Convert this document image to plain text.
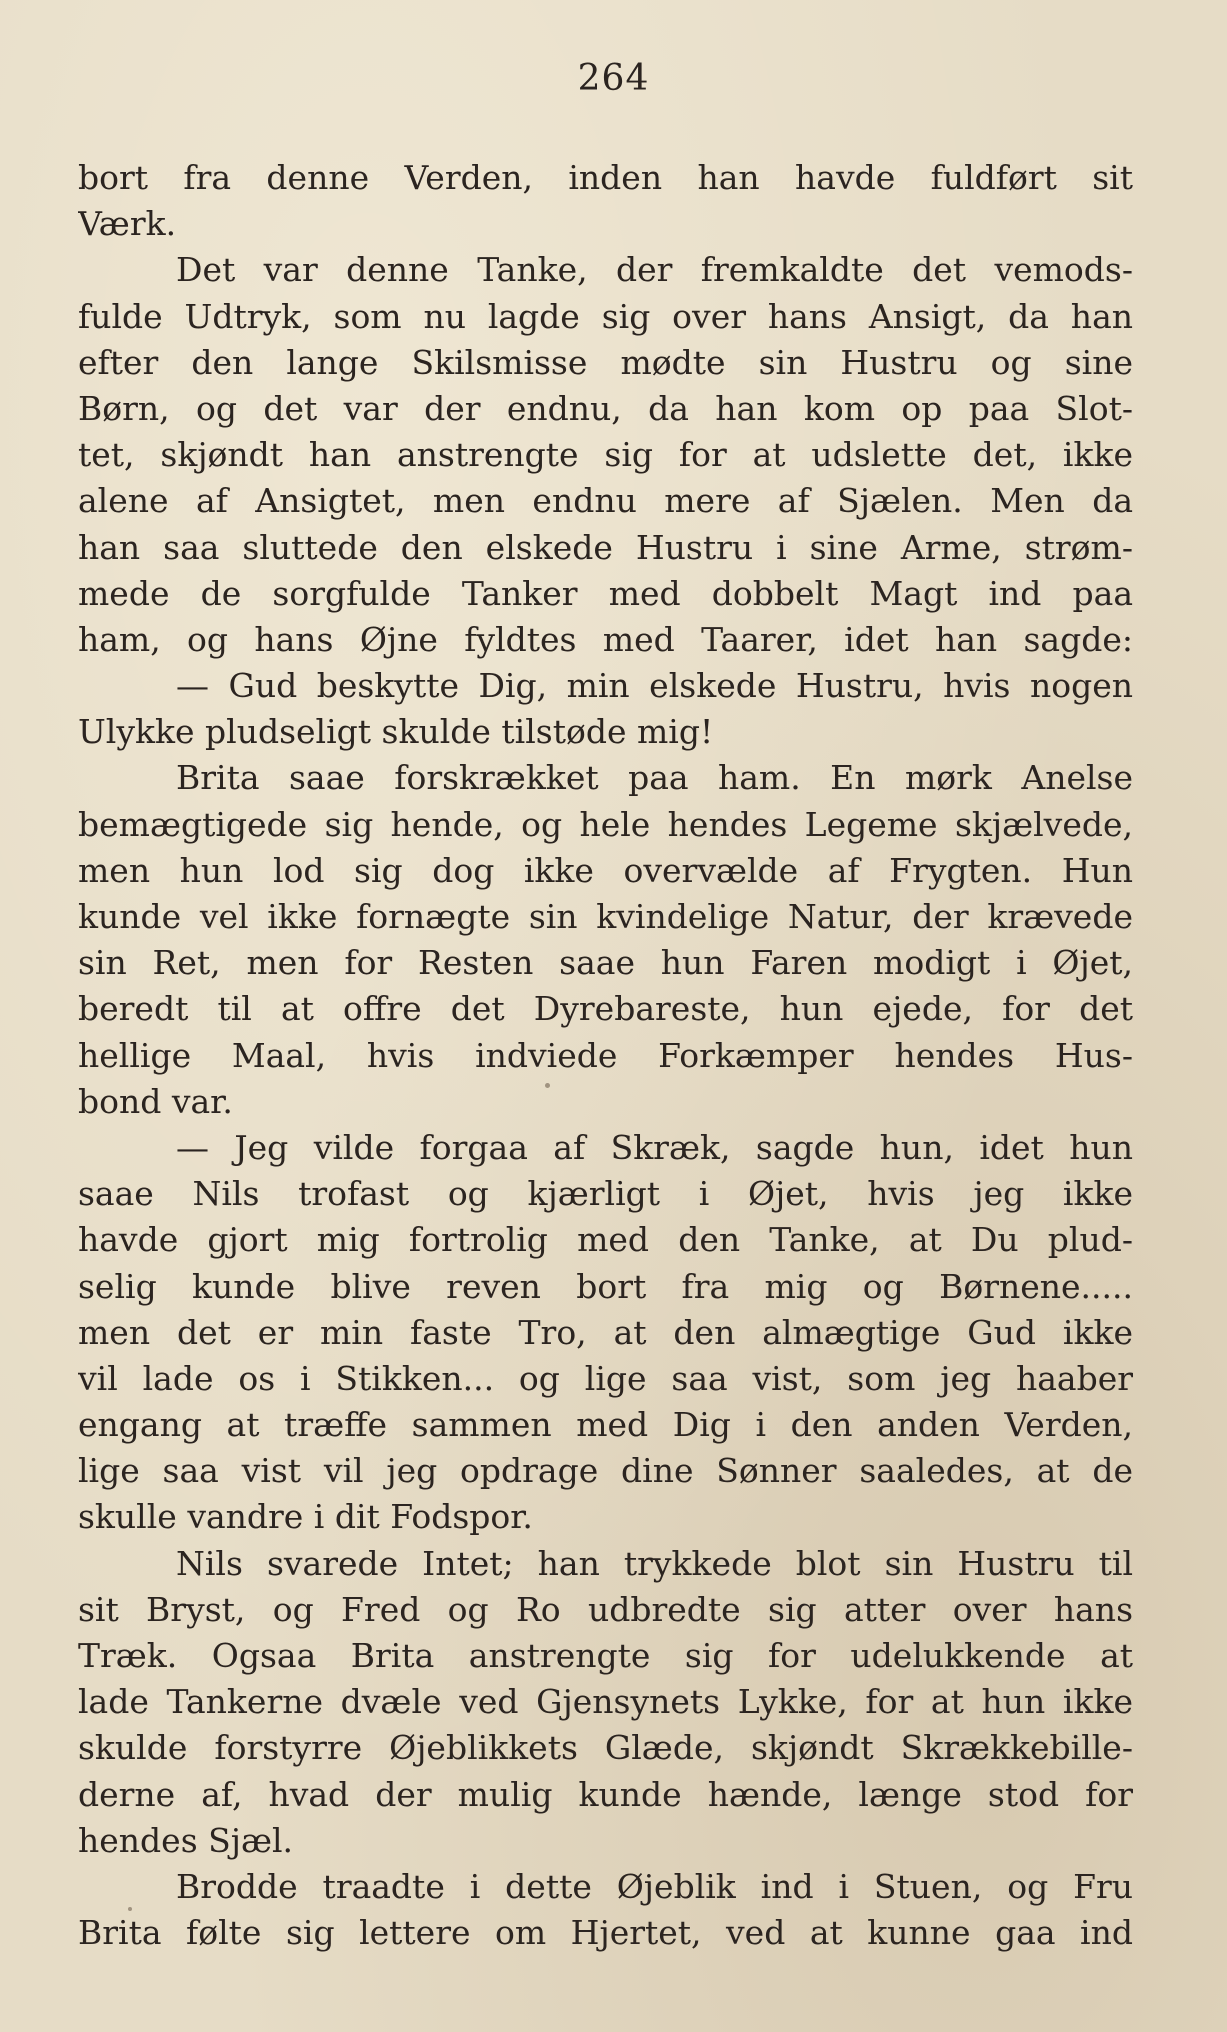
264
bort fra denne Verden, inden han havde fuldført sit
Værk.
Det var denne Tanke, der fremkaldte det vemods-
fulde Udtryk, som nu lagde sig over hans Ansigt, da han
efter den lange Skilsmisse mødte sin Hustru og sine
Børn, og det var der endnu, da han kom op paa Slot-
tet, skjøndt han anstrengte sig for at udslette det, ikke
alene af Ansigtet, men endnu mere af Sjælen. Men da
han saa sluttede den elskede Hustru i sine Arme, strøm-
mede de sorgfulde Tanker med dobbelt Magt ind paa
ham, og hans Øjne fyldtes med Taarer, idet han sagde:
— Gud beskytte Dig, min elskede Hustru, hvis nogen
Ulykke pludseligt skulde tilstøde mig!
Brita saae forskrækket paa ham. En mørk Anelse
bemægtigede sig hende, og hele hendes Legeme skjælvede,
men hun lod sig dog ikke overvælde af Frygten. Hun
kunde vel ikke fornægte sin kvindelige Natur, der krævede
sin Ret, men for Resten saae hun Faren modigt i Øjet,
beredt til at offre det Dyrebareste, hun ejede, for det
hellige Maal, hvis indviede Forkæmper hendes Hus-
bond var.
— Jeg vilde forgaa af Skræk, sagde hun, idet hun
saae Nils trofast og kjærligt i Øjet, hvis jeg ikke
havde gjort mig fortrolig med den Tanke, at Du plud-
selig kunde blive reven bort fra mig og Børnene.....
men det er min faste Tro, at den almægtige Gud ikke
vil lade os i Stikken... og lige saa vist, som jeg haaber
engang at træffe sammen med Dig i den anden Verden,
lige saa vist vil jeg opdrage dine Sønner saaledes, at de
skulle vandre i dit Fodspor.
Nils svarede Intet; han trykkede blot sin Hustru til
sit Bryst, og Fred og Ro udbredte sig atter over hans
Træk. Ogsaa Brita anstrengte sig for udelukkende at
lade Tankerne dvæle ved Gjensynets Lykke, for at hun ikke
skulde forstyrre Øjeblikkets Glæde, skjøndt Skrækkebille-
derne af, hvad der mulig kunde hænde, længe stod for
hendes Sjæl.
Brodde traadte i dette Øjeblik ind i Stuen, og Fru
Brita følte sig lettere om Hjertet, ved at kunne gaa ind
